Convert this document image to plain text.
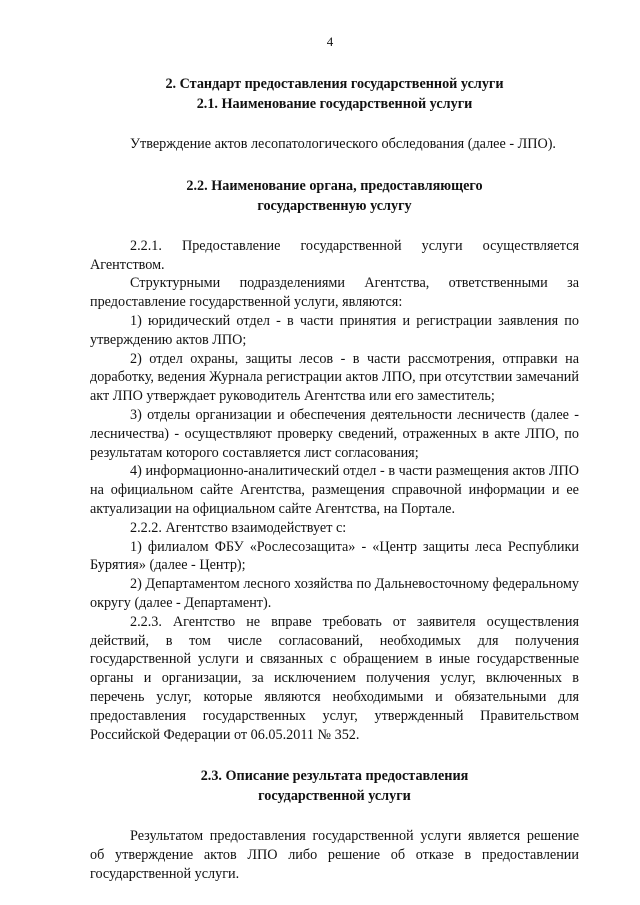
4
2. Стандарт предоставления государственной услуги
2.1. Наименование государственной услуги

Утверждение актов лесопатологического обследования (далее - ЛПО).

2.2. Наименование органа, предоставляющего
государственную услугу

2.2.1. Предоставление государственной услуги осуществляется Агентством.

Структурными подразделениями Агентства, ответственными за предоставление государственной услуги, являются:

1) юридический отдел - в части принятия и регистрации заявления по утверждению актов ЛПО;

2) отдел охраны, защиты лесов - в части рассмотрения, отправки на доработку, ведения Журнала регистрации актов ЛПО, при отсутствии замечаний акт ЛПО утверждает руководитель Агентства или его заместитель;

3) отделы организации и обеспечения деятельности лесничеств (далее - лесничества) - осуществляют проверку сведений, отраженных в акте ЛПО, по результатам которого составляется лист согласования;

4) информационно-аналитический отдел - в части размещения актов ЛПО на официальном сайте Агентства, размещения справочной информации и ее актуализации на официальном сайте Агентства, на Портале.

2.2.2. Агентство взаимодействует с:

1) филиалом ФБУ «Рослесозащита» - «Центр защиты леса Республики Бурятия» (далее - Центр);

2) Департаментом лесного хозяйства по Дальневосточному федеральному округу (далее - Департамент).

2.2.3. Агентство не вправе требовать от заявителя осуществления действий, в том числе согласований, необходимых для получения государственной услуги и связанных с обращением в иные государственные органы и организации, за исключением получения услуг, включенных в перечень услуг, которые являются необходимыми и обязательными для предоставления государственных услуг, утвержденный Правительством Российской Федерации от 06.05.2011 № 352.

2.3. Описание результата предоставления
государственной услуги

Результатом предоставления государственной услуги является решение об утверждение актов ЛПО либо решение об отказе в предоставлении государственной услуги.
